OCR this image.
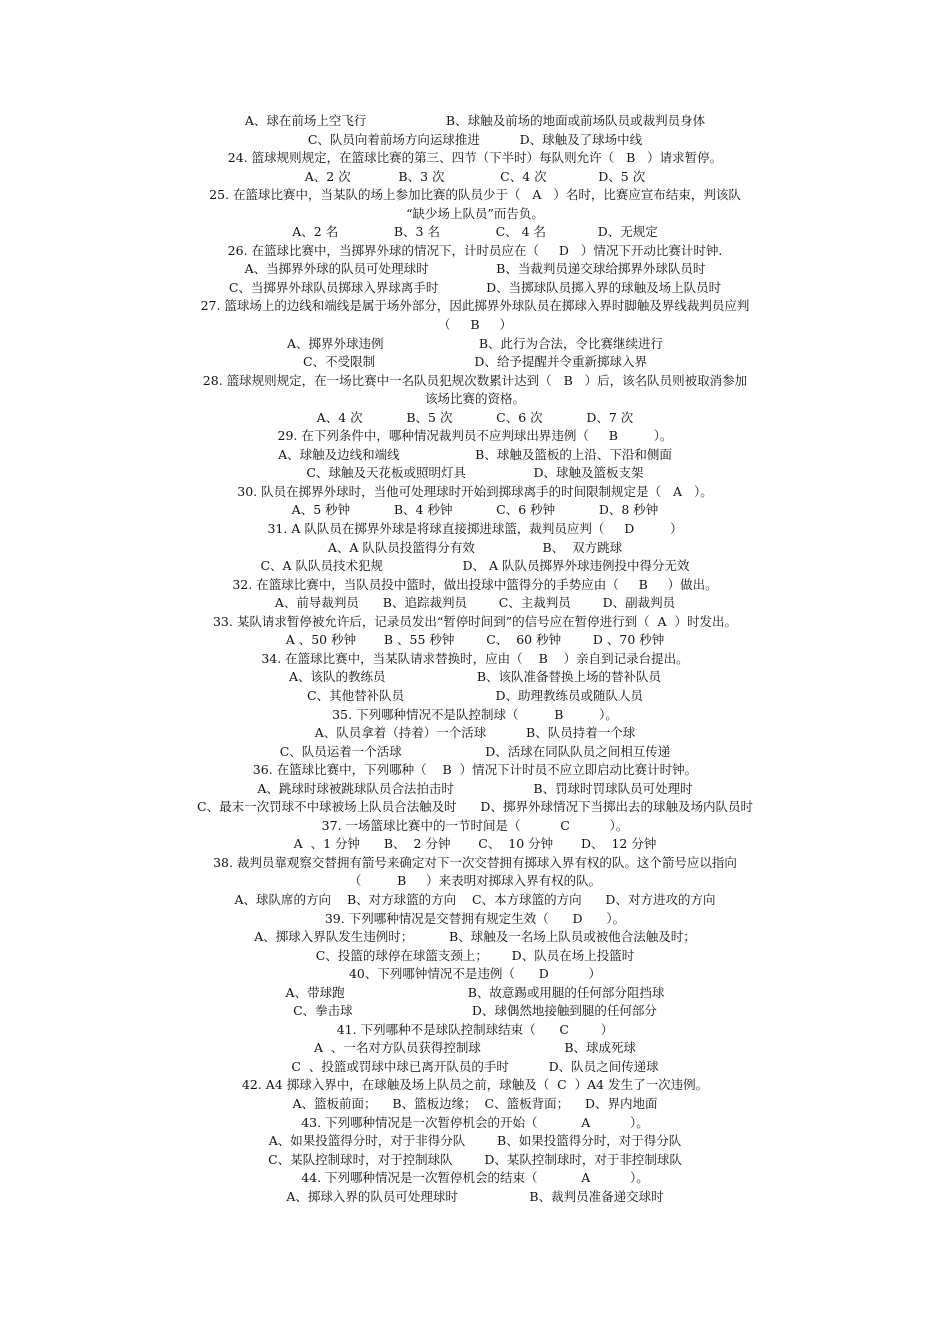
A、球在前场上空飞行                    B、球触及前场的地面或前场队员或裁判员身体
C、队员向着前场方向运球推进          D、球触及了球场中线
24. 篮球规则规定，在篮球比赛的第三、四节（下半时）每队则允许（   B   ）请求暂停。
A、2 次            B、3 次              C、4 次             D、5 次
25. 在篮球比赛中，当某队的场上参加比赛的队员少于（   A   ）名时，比赛应宣布结束，判该队
“缺少场上队员”而告负。
A、2 名              B、3 名              C、 4 名             D、无规定
26. 在篮球比赛中，当掷界外球的情况下，计时员应在（     D   ）情况下开动比赛计时钟.
A、当掷界外球的队员可处理球时                 B、当裁判员递交球给掷界外球队员时
C、当掷界外球队员掷球入界球离手时            D、当掷球队员掷入界的球触及场上队员时
27. 篮球场上的边线和端线是属于场外部分，因此掷界外球队员在掷球入界时脚触及界线裁判员应判
（     B     ）
A、掷界外球违例                        B、此行为合法，令比赛继续进行
C、不受限制                         D、给予提醒并令重新掷球入界
28. 篮球规则规定，在一场比赛中一名队员犯规次数累计达到（   B   ）后，该名队员则被取消参加
该场比赛的资格。
A、4 次           B、5 次           C、6 次           D、7 次
29. 在下列条件中，哪种情况裁判员不应判球出界违例（     B         ）。
A、球触及边线和端线                   B、球触及篮板的上沿、下沿和侧面
C、球触及天花板或照明灯具                 D、球触及篮板支架
30. 队员在掷界外球时，当他可处理球时开始到掷球离手的时间限制规定是（   A   ）。
A、5 秒钟           B、4 秒钟           C、6 秒钟           D、8 秒钟
31. A 队队员在掷界外球是将球直接掷进球篮，裁判员应判（     D         ）
A、A 队队员投篮得分有效                 B、  双方跳球
C、A 队队员技术犯规                    D、 A 队队员掷界外球违例投中得分无效
32. 在篮球比赛中，当队员投中篮时，做出投球中篮得分的手势应由（     B     ）做出。
A、前导裁判员      B、追踪裁判员        C、主裁判员        D、副裁判员
33. 某队请求暂停被允许后，记录员发出“暂停时间到”的信号应在暂停进行到（  A  ）时发出。
A 、50 秒钟       B 、55 秒钟        C、  60 秒钟        D 、70 秒钟
34. 在篮球比赛中，当某队请求替换时，应由（    B    ）亲自到记录台提出。
A、该队的教练员                       B、该队准备替换上场的替补队员
C、其他替补队员                       D、助理教练员或随队人员
35. 下列哪种情况不是队控制球（         B         ）。
A、队员拿着（持着）一个活球          B、队员持着一个球
C、队员运着一个活球                     D、活球在同队队员之间相互传递
36. 在篮球比赛中，下列哪种（    B  ）情况下计时员不应立即启动比赛计时钟。
A、跳球时球被跳球队员合法拍击时                    B、罚球时罚球队员可处理时
C、最末一次罚球不中球被场上队员合法触及时      D、掷界外球情况下当掷出去的球触及场内队员时
37. 一场篮球比赛中的一节时间是（          C          ）。
A  、1 分钟      B、  2 分钟       C、  10 分钟       D、  12 分钟
38. 裁判员靠观察交替拥有箭号来确定对下一次交替拥有掷球入界有权的队。这个箭号应以指向
（         B     ）来表明对掷球入界有权的队。
A、球队席的方向    B、对方球篮的方向    C、本方球篮的方向      D、对方进攻的方向
39. 下列哪种情况是交替拥有规定生效（      D      ）。
A、掷球入界队发生违例时；         B、球触及一名场上队员或被他合法触及时；
C、投篮的球停在球篮支颈上；      D、队员在场上投篮时
40、下列哪钟情况不是违例（      D          ）
A、带球跑                               B、故意踢或用腿的任何部分阻挡球
C、拳击球                              D、球偶然地接触到腿的任何部分
41. 下列哪种不是球队控制球结束（      C        ）
A  、一名对方队员获得控制球                     B、球成死球
C  、投篮或罚球中球已离开队员的手时          D、队员之间传递球
42. A4 掷球入界中，在球触及场上队员之前，球触及（  C  ）A4 发生了一次违例。
A、篮板前面；    B、篮板边缘；  C、篮板背面；    D、界内地面
43. 下列哪种情况是一次暂停机会的开始（           A          ）。
A、如果投篮得分时，对于非得分队        B、如果投篮得分时，对于得分队
C、某队控制球时，对于控制球队        D、某队控制球时，对于非控制球队
44. 下列哪种情况是一次暂停机会的结束（           A          ）。
A、掷球入界的队员可处理球时                  B、裁判员准备递交球时
